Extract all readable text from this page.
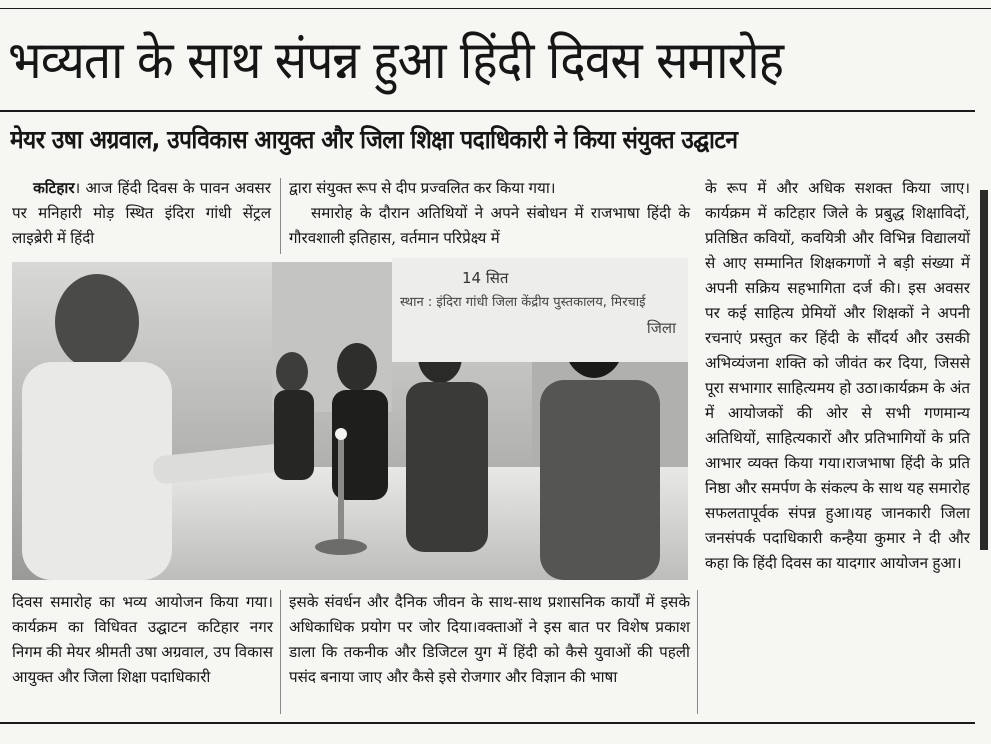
भव्यता के साथ संपन्न हुआ हिंदी दिवस समारोह
मेयर उषा अग्रवाल, उपविकास आयुक्त और जिला शिक्षा पदाधिकारी ने किया संयुक्त उद्घाटन

कटिहार। आज हिंदी दिवस के पावन अवसर पर मनिहारी मोड़ स्थित इंदिरा गांधी सेंट्रल लाइब्रेरी में हिंदी

द्वारा संयुक्त रूप से दीप प्रज्वलित कर किया गया।

समारोह के दौरान अतिथियों ने अपने संबोधन में राजभाषा हिंदी के गौरवशाली इतिहास, वर्तमान परिप्रेक्ष्य में

14 सित
स्थान : इंदिरा गांधी जिला केंद्रीय पुस्तकालय, मिरचाई
जिला

के रूप में और अधिक सशक्त किया जाए।कार्यक्रम में कटिहार जिले के प्रबुद्ध शिक्षाविदों, प्रतिष्ठित कवियों, कवयित्री और विभिन्न विद्यालयों से आए सम्मानित शिक्षकगणों ने बड़ी संख्या में अपनी सक्रिय सहभागिता दर्ज की। इस अवसर पर कई साहित्य प्रेमियों और शिक्षकों ने अपनी रचनाएं प्रस्तुत कर हिंदी के सौंदर्य और उसकी अभिव्यंजना शक्ति को जीवंत कर दिया, जिससे पूरा सभागार साहित्यमय हो उठा।कार्यक्रम के अंत में आयोजकों की ओर से सभी गणमान्य अतिथियों, साहित्यकारों और प्रतिभागियों के प्रति आभार व्यक्त किया गया।राजभाषा हिंदी के प्रति निष्ठा और समर्पण के संकल्प के साथ यह समारोह सफलतापूर्वक संपन्न हुआ।यह जानकारी जिला जनसंपर्क पदाधिकारी कन्हैया कुमार ने दी और कहा कि हिंदी दिवस का यादगार आयोजन हुआ।

दिवस समारोह का भव्य आयोजन किया गया। कार्यक्रम का विधिवत उद्घाटन कटिहार नगर निगम की मेयर श्रीमती उषा अग्रवाल, उप विकास आयुक्त और जिला शिक्षा पदाधिकारी

इसके संवर्धन और दैनिक जीवन के साथ-साथ प्रशासनिक कार्यों में इसके अधिकाधिक प्रयोग पर जोर दिया।वक्ताओं ने इस बात पर विशेष प्रकाश डाला कि तकनीक और डिजिटल युग में हिंदी को कैसे युवाओं की पहली पसंद बनाया जाए और कैसे इसे रोजगार और विज्ञान की भाषा
